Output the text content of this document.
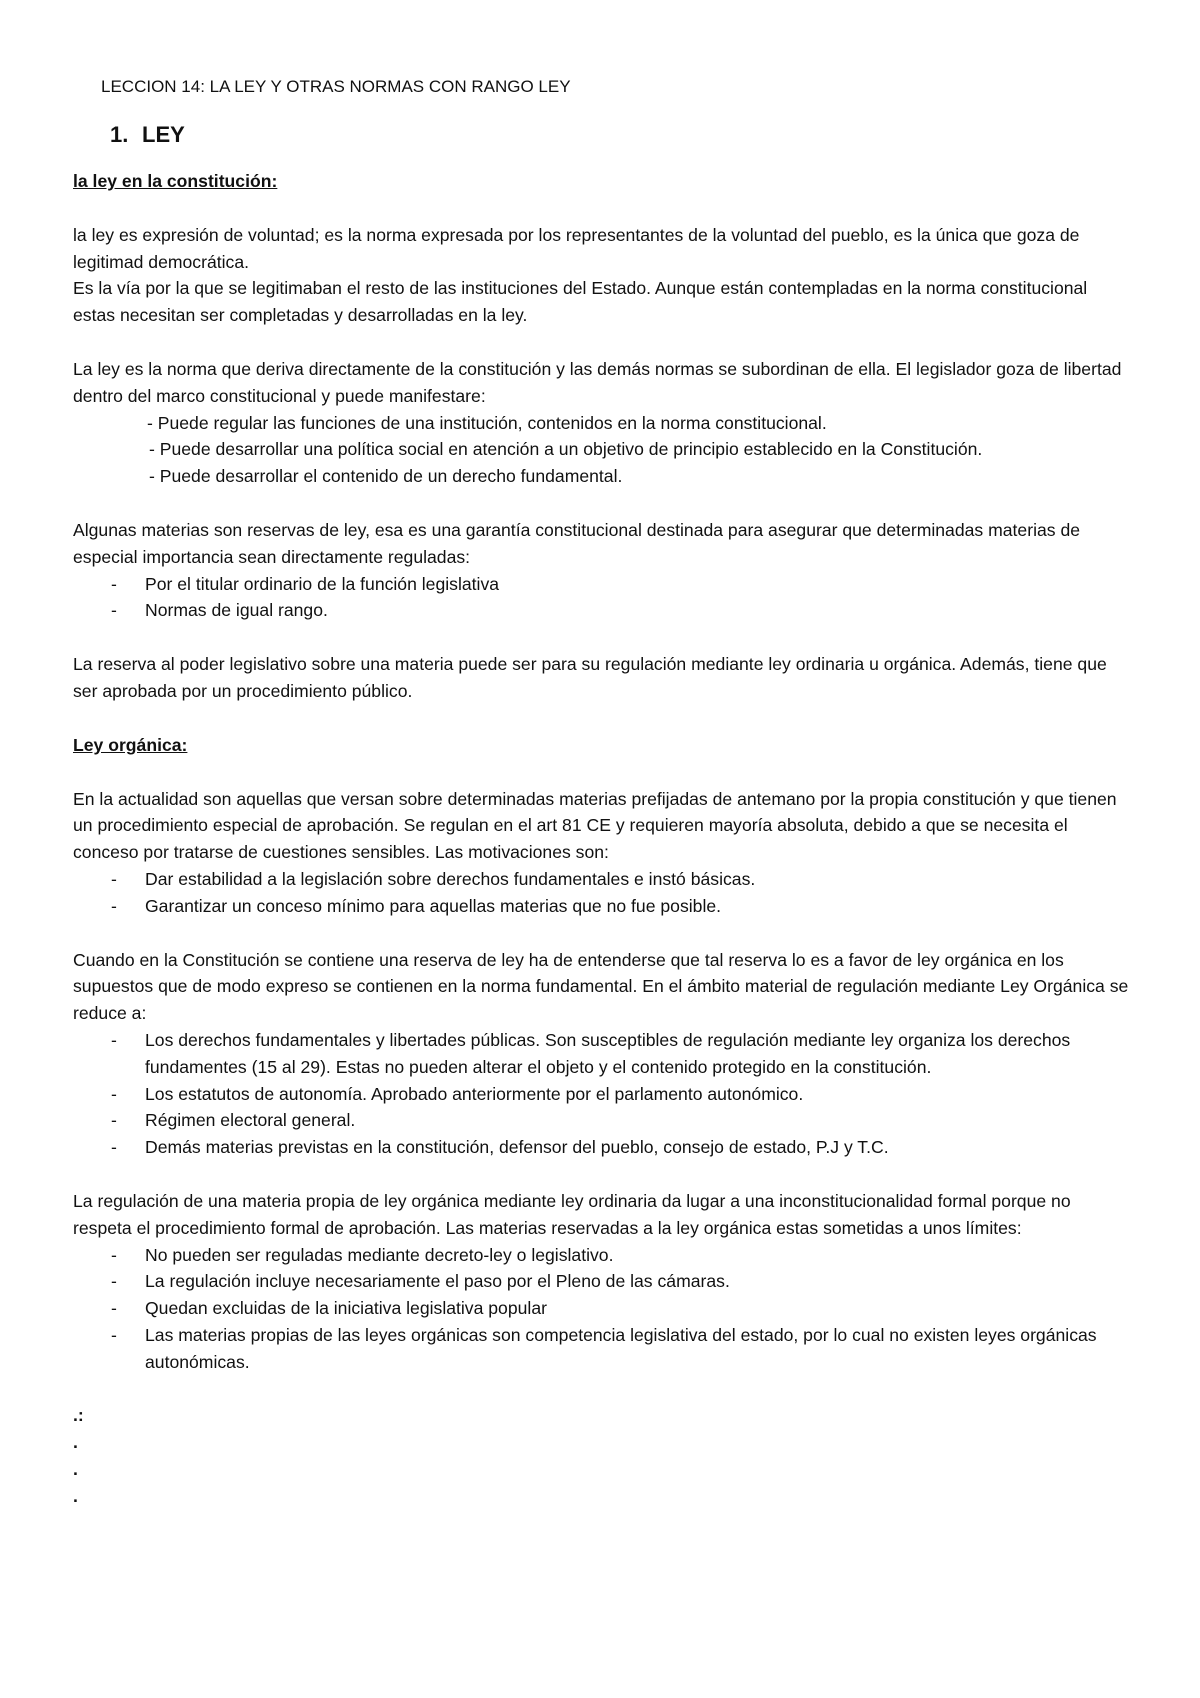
LECCION 14: LA LEY Y OTRAS NORMAS CON RANGO LEY
1. LEY
la ley en la constitución:

la ley es expresión de voluntad; es la norma expresada por los representantes de la voluntad del pueblo, es la única que goza de legitimad democrática.

Es la vía por la que se legitimaban el resto de las instituciones del Estado. Aunque están contempladas en la norma constitucional estas necesitan ser completadas y desarrolladas en la ley.

La ley es la norma que deriva directamente de la constitución y las demás normas se subordinan de ella. El legislador goza de libertad dentro del marco constitucional y puede manifestare:

- Puede regular las funciones de una institución, contenidos en la norma constitucional.

- Puede desarrollar una política social en atención a un objetivo de principio establecido en la Constitución.

- Puede desarrollar el contenido de un derecho fundamental.

Algunas materias son reservas de ley, esa es una garantía constitucional destinada para asegurar que determinadas materias de especial importancia sean directamente reguladas:

- Por el titular ordinario de la función legislativa
- Normas de igual rango.

La reserva al poder legislativo sobre una materia puede ser para su regulación mediante ley ordinaria u orgánica. Además, tiene que ser aprobada por un procedimiento público.

Ley orgánica:

En la actualidad son aquellas que versan sobre determinadas materias prefijadas de antemano por la propia constitución y que tienen un procedimiento especial de aprobación. Se regulan en el art 81 CE y requieren mayoría absoluta, debido a que se necesita el conceso por tratarse de cuestiones sensibles. Las motivaciones son:

- Dar estabilidad a la legislación sobre derechos fundamentales e instó básicas.
- Garantizar un conceso mínimo para aquellas materias que no fue posible.

Cuando en la Constitución se contiene una reserva de ley ha de entenderse que tal reserva lo es a favor de ley orgánica en los supuestos que de modo expreso se contienen en la norma fundamental. En el ámbito material de regulación mediante Ley Orgánica se reduce a:

- Los derechos fundamentales y libertades públicas. Son susceptibles de regulación mediante ley organiza los derechos fundamentes (15 al 29). Estas no pueden alterar el objeto y el contenido protegido en la constitución.
- Los estatutos de autonomía. Aprobado anteriormente por el parlamento autonómico.
- Régimen electoral general.
- Demás materias previstas en la constitución, defensor del pueblo, consejo de estado, P.J y T.C.

La regulación de una materia propia de ley orgánica mediante ley ordinaria da lugar a una inconstitucionalidad formal porque no respeta el procedimiento formal de aprobación. Las materias reservadas a la ley orgánica estas sometidas a unos límites:

- No pueden ser reguladas mediante decreto-ley o legislativo.
- La regulación incluye necesariamente el paso por el Pleno de las cámaras.
- Quedan excluidas de la iniciativa legislativa popular
- Las materias propias de las leyes orgánicas son competencia legislativa del estado, por lo cual no existen leyes orgánicas autonómicas.

.:

.

.

.
